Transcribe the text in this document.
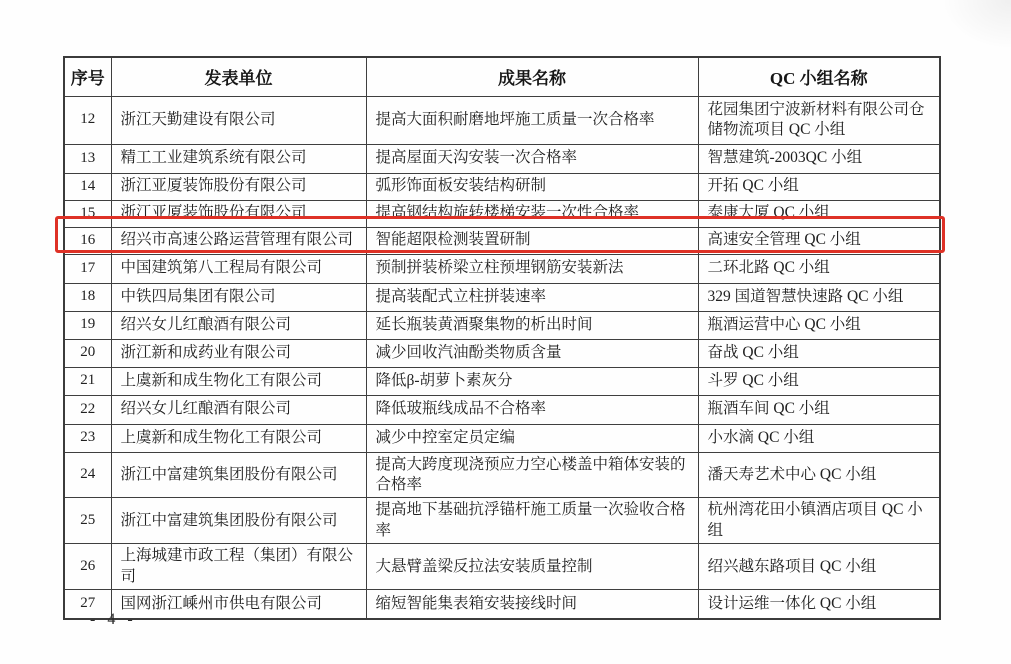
序号	发表单位	成果名称	QC 小组名称
12	浙江天勤建设有限公司	提高大面积耐磨地坪施工质量一次合格率	花园集团宁波新材料有限公司仓储物流项目 QC 小组
13	精工工业建筑系统有限公司	提高屋面天沟安装一次合格率	智慧建筑-2003QC 小组
14	浙江亚厦装饰股份有限公司	弧形饰面板安装结构研制	开拓 QC 小组
15	浙江亚厦装饰股份有限公司	提高钢结构旋转楼梯安装一次性合格率	泰康大厦 QC 小组
16	绍兴市高速公路运营管理有限公司	智能超限检测装置研制	高速安全管理 QC 小组
17	中国建筑第八工程局有限公司	预制拼装桥梁立柱预埋钢筋安装新法	二环北路 QC 小组
18	中铁四局集团有限公司	提高装配式立柱拼装速率	329 国道智慧快速路 QC 小组
19	绍兴女儿红酿酒有限公司	延长瓶装黄酒聚集物的析出时间	瓶酒运营中心 QC 小组
20	浙江新和成药业有限公司	减少回收汽油酚类物质含量	奋战 QC 小组
21	上虞新和成生物化工有限公司	降低β-胡萝卜素灰分	斗罗 QC 小组
22	绍兴女儿红酿酒有限公司	降低玻瓶线成品不合格率	瓶酒车间 QC 小组
23	上虞新和成生物化工有限公司	减少中控室定员定编	小水滴 QC 小组
24	浙江中富建筑集团股份有限公司	提高大跨度现浇预应力空心楼盖中箱体安装的合格率	潘天寿艺术中心 QC 小组
25	浙江中富建筑集团股份有限公司	提高地下基础抗浮锚杆施工质量一次验收合格率	杭州湾花田小镇酒店项目 QC 小组
26	上海城建市政工程（集团）有限公司	大悬臂盖梁反拉法安装质量控制	绍兴越东路项目 QC 小组
27	国网浙江嵊州市供电有限公司	缩短智能集表箱安装接线时间	设计运维一体化 QC 小组
- 4 -
